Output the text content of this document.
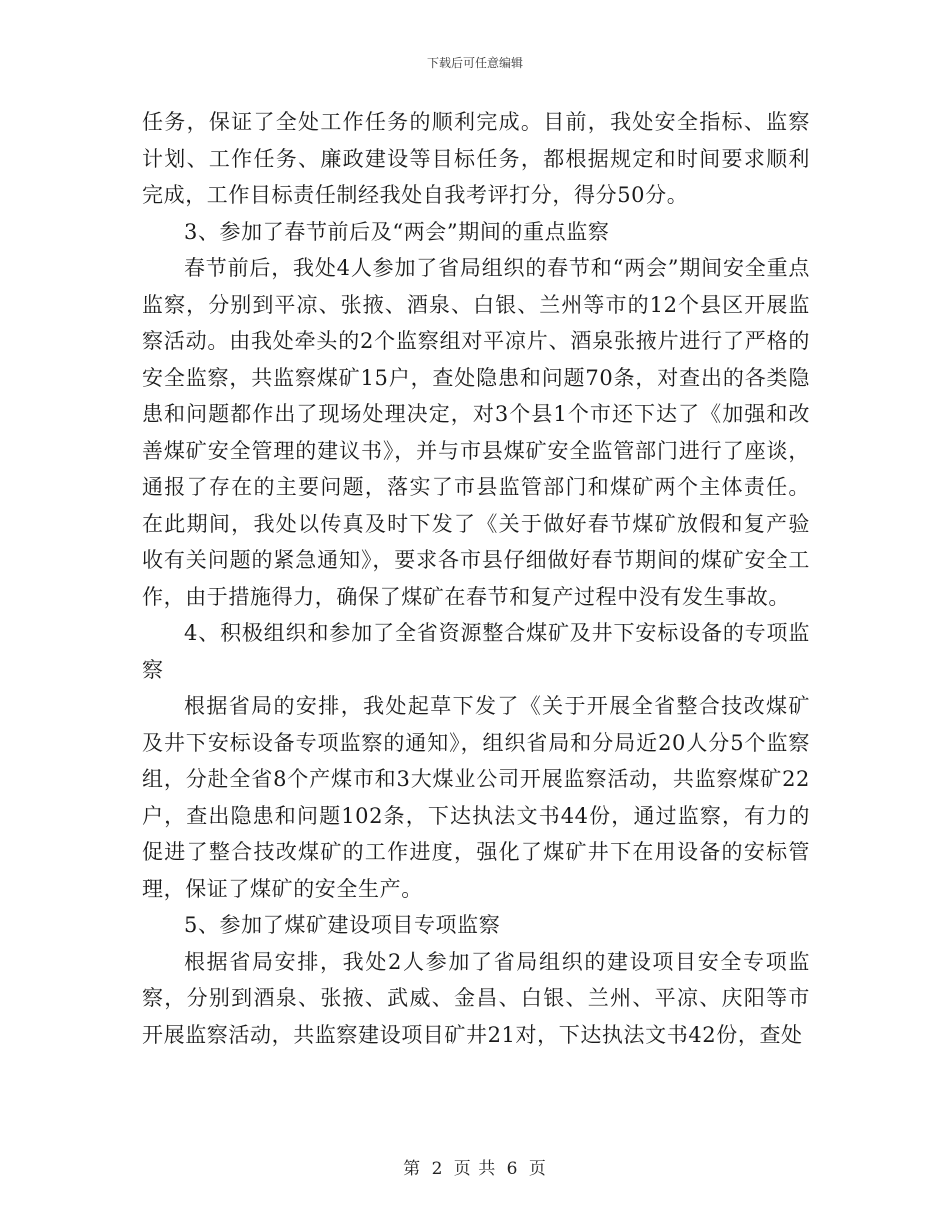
下载后可任意编辑

任务，保证了全处工作任务的顺利完成。目前，我处安全指标、监察计划、工作任务、廉政建设等目标任务，都根据规定和时间要求顺利完成，工作目标责任制经我处自我考评打分，得分50分。

3、参加了春节前后及“两会”期间的重点监察

春节前后，我处4人参加了省局组织的春节和“两会”期间安全重点监察，分别到平凉、张掖、酒泉、白银、兰州等市的12个县区开展监察活动。由我处牵头的2个监察组对平凉片、酒泉张掖片进行了严格的安全监察，共监察煤矿15户，查处隐患和问题70条，对查出的各类隐患和问题都作出了现场处理决定，对3个县1个市还下达了《加强和改善煤矿安全管理的建议书》，并与市县煤矿安全监管部门进行了座谈，通报了存在的主要问题，落实了市县监管部门和煤矿两个主体责任。在此期间，我处以传真及时下发了《关于做好春节煤矿放假和复产验收有关问题的紧急通知》，要求各市县仔细做好春节期间的煤矿安全工作，由于措施得力，确保了煤矿在春节和复产过程中没有发生事故。

4、积极组织和参加了全省资源整合煤矿及井下安标设备的专项监察

根据省局的安排，我处起草下发了《关于开展全省整合技改煤矿及井下安标设备专项监察的通知》，组织省局和分局近20人分5个监察组，分赴全省8个产煤市和3大煤业公司开展监察活动，共监察煤矿22户，查出隐患和问题102条，下达执法文书44份，通过监察，有力的促进了整合技改煤矿的工作进度，强化了煤矿井下在用设备的安标管理，保证了煤矿的安全生产。

5、参加了煤矿建设项目专项监察

根据省局安排，我处2人参加了省局组织的建设项目安全专项监察，分别到酒泉、张掖、武威、金昌、白银、兰州、平凉、庆阳等市开展监察活动，共监察建设项目矿井21对，下达执法文书42份，查处

第 2 页 共 6 页
